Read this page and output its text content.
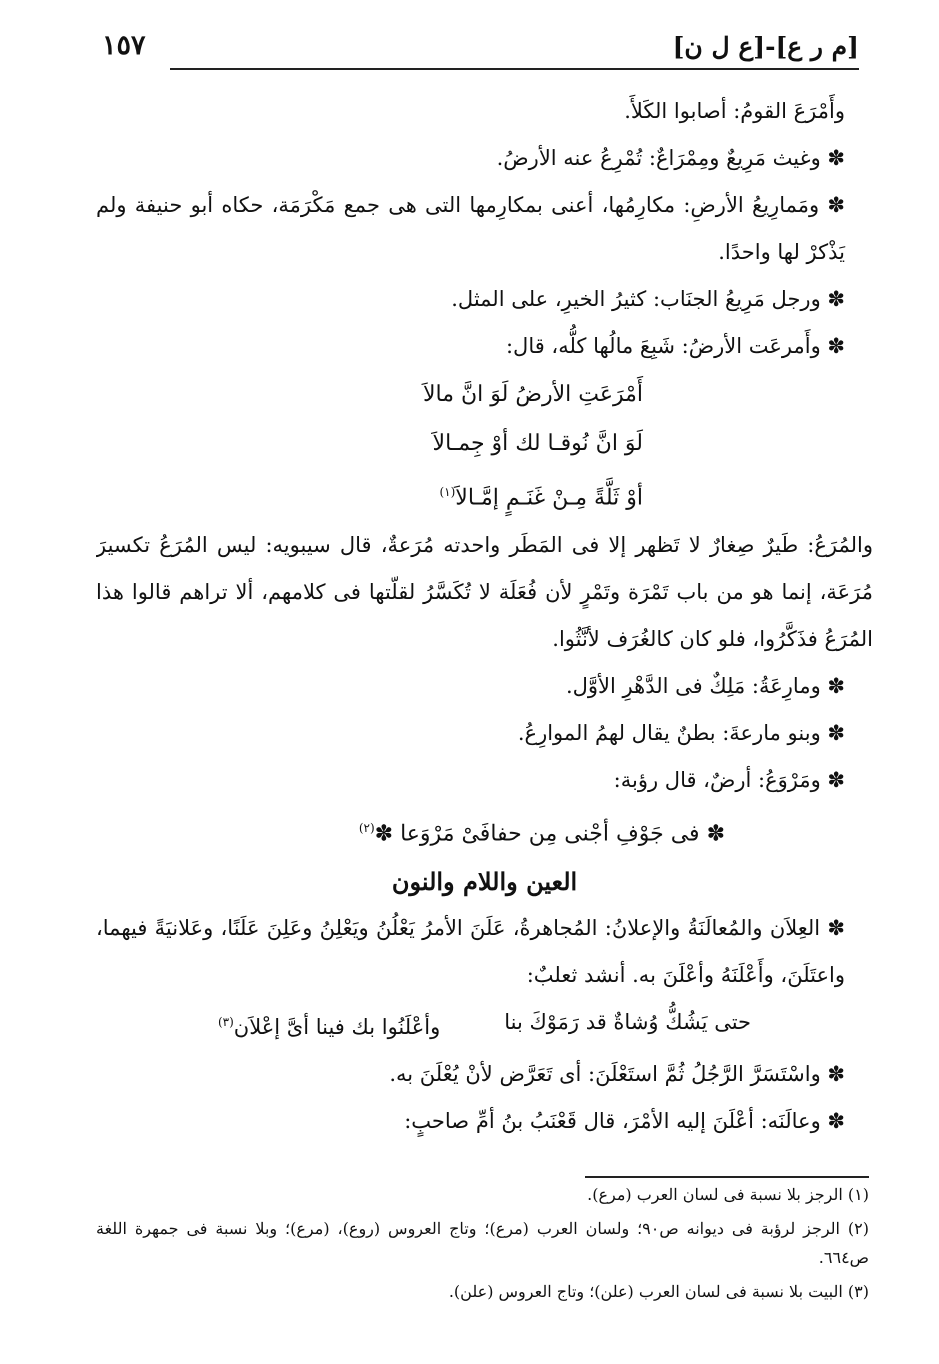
[م ر ع]-[ع ل ن]
١٥٧

وأَمْرَعَ القومُ: أصابوا الكَلأَ.

✽ وغيث مَرِيعٌ ومِمْرَاعٌ: تُمْرِعُ عنه الأرضُ.

✽ ومَمارِيعُ الأرضِ: مكارِمُها، أعنى بمكارِمها التى هى جمع مَكْرَمَة، حكاه أبو حنيفة ولم يَذْكرْ لها واحدًا.

✽ ورجل مَرِيعُ الجنَاب: كثيرُ الخيرِ، على المثل.

✽ وأَمرعَت الأرضُ: شَبِعَ مالُها كلُّه، قال:

أَمْرَعَتِ الأرضُ لَوَ انَّ مالاَ

لَوَ انَّ نُوقـا لك أوْ جِمـالاَ

أوْ ثَلَّةً مِـنْ غَنَـمٍ إمَّـالاَ$^{(١)}$

والمُرَعُ: طَيرٌ صِغارٌ لا تَظهر إلا فى المَطَر واحدته مُرَعةٌ، قال سيبويه: ليس المُرَعُ تكسيرَ مُرَعَة، إنما هو من باب تَمْرَة وتَمْرٍ لأن فُعَلَة لا تُكَسَّرُ لقلّتها فى كلامهم، ألا تراهم قالوا هذا المُرَعُ فذَكَّرُوا، فلو كان كالغُرَف لأنَّثُوا.

✽ ومارِعَةُ: مَلِكٌ فى الدَّهْرِ الأوَّل.

✽ وبنو مارعةَ: بطنٌ يقال لهمُ الموارِعُ.

✽ ومَرْوَعُ: أرضٌ، قال رؤبة:

✽ فى جَوْفِ أجْنى مِن حفافَىْ مَرْوَعا ✽$^{(٢)}$

العين واللام والنون

✽ العِلاَن والمُعالَنَةُ والإعلانُ: المُجاهرةُ، عَلَنَ الأمرُ يَعْلُنُ ويَعْلِنُ وعَلِنَ عَلَنًا، وعَلانيَةً فيهما، واعتَلَنَ، وأَعْلَنَهُ وأعْلَنَ به. أنشد ثعلبٌ:

حتى يَشُكُّ وُشاةٌ قد رَمَوْكَ بنا
وأعْلَنُوا بك فينا أىَّ إعْلاَن$^{(٣)}$

✽ واسْتَسَرَّ الرَّجُلُ ثُمَّ استَعْلَنَ: أى تَعَرَّض لأنْ يُعْلَنَ به.

✽ وعالَنَه: أعْلَنَ إليه الأمْرَ، قال قَعْنَبُ بنُ أمِّ صاحبٍ:

(١) الرجز بلا نسبة فى لسان العرب (مرع).

(٢) الرجز لرؤبة فى ديوانه ص٩٠؛ ولسان العرب (مرع)؛ وتاج العروس (روع)، (مرع)؛ وبلا نسبة فى جمهرة اللغة ص٦٦٤.

(٣) البيت بلا نسبة فى لسان العرب (علن)؛ وتاج العروس (علن).
